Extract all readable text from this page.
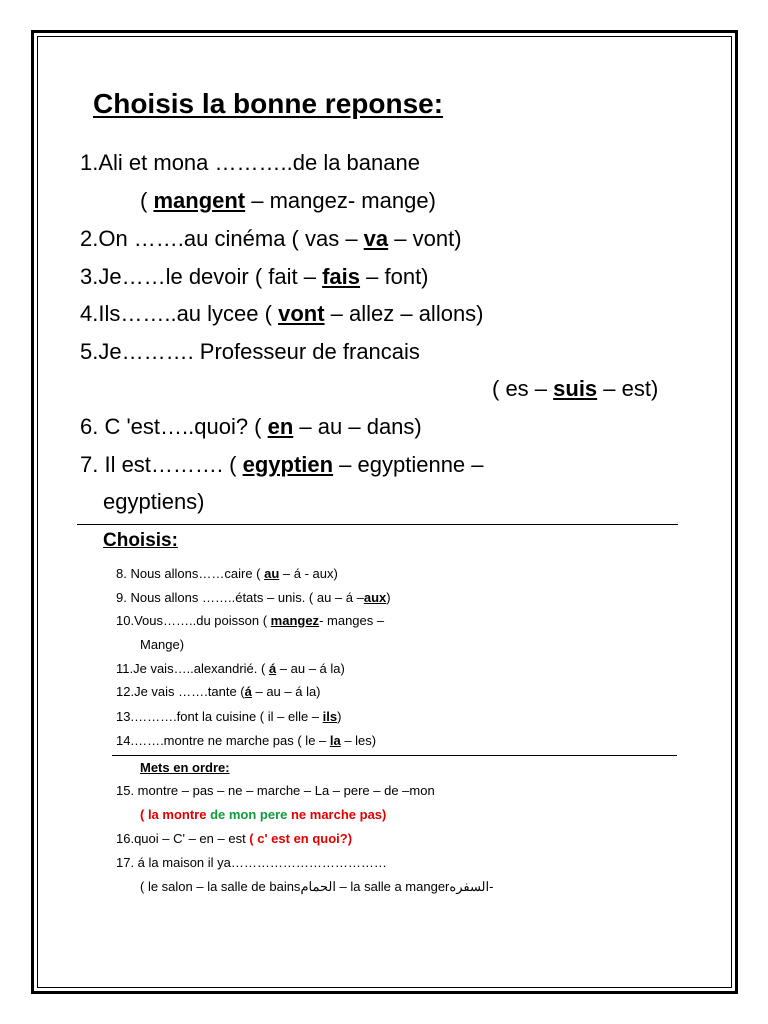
Choisis la bonne reponse:
1.Ali et mona ………..de la banane
( mangent – mangez- mange)
2.On …….au cinéma ( vas – va – vont)
3.Je……le devoir ( fait – fais – font)
4.Ils……..au lycee ( vont – allez – allons)
5.Je………. Professeur de francais
( es – suis – est)
6. C 'est…..quoi? ( en – au – dans)
7. Il est………. ( egyptien – egyptienne –
egyptiens)
Choisis:
8. Nous allons……caire ( au – á - aux)
9. Nous allons ……..états – unis. ( au – á –aux)
10.Vous……..du poisson ( mangez- manges –
Mange)
11.Je vais…..alexandrié. ( á – au – á la)
12.Je vais …….tante (á – au – á la)
13.……….font la cuisine ( il – elle – ils)
14.…….montre ne marche pas ( le – la – les)
Mets en ordre:
15. montre – pas – ne – marche – La – pere – de –mon
( la montre de mon pere ne marche pas)
16.quoi – C' – en – est ( c' est en quoi?)
17. á la maison il ya………………………………
( le salon – la salle de bainsالحمام – la salle a mangerالسفره-
